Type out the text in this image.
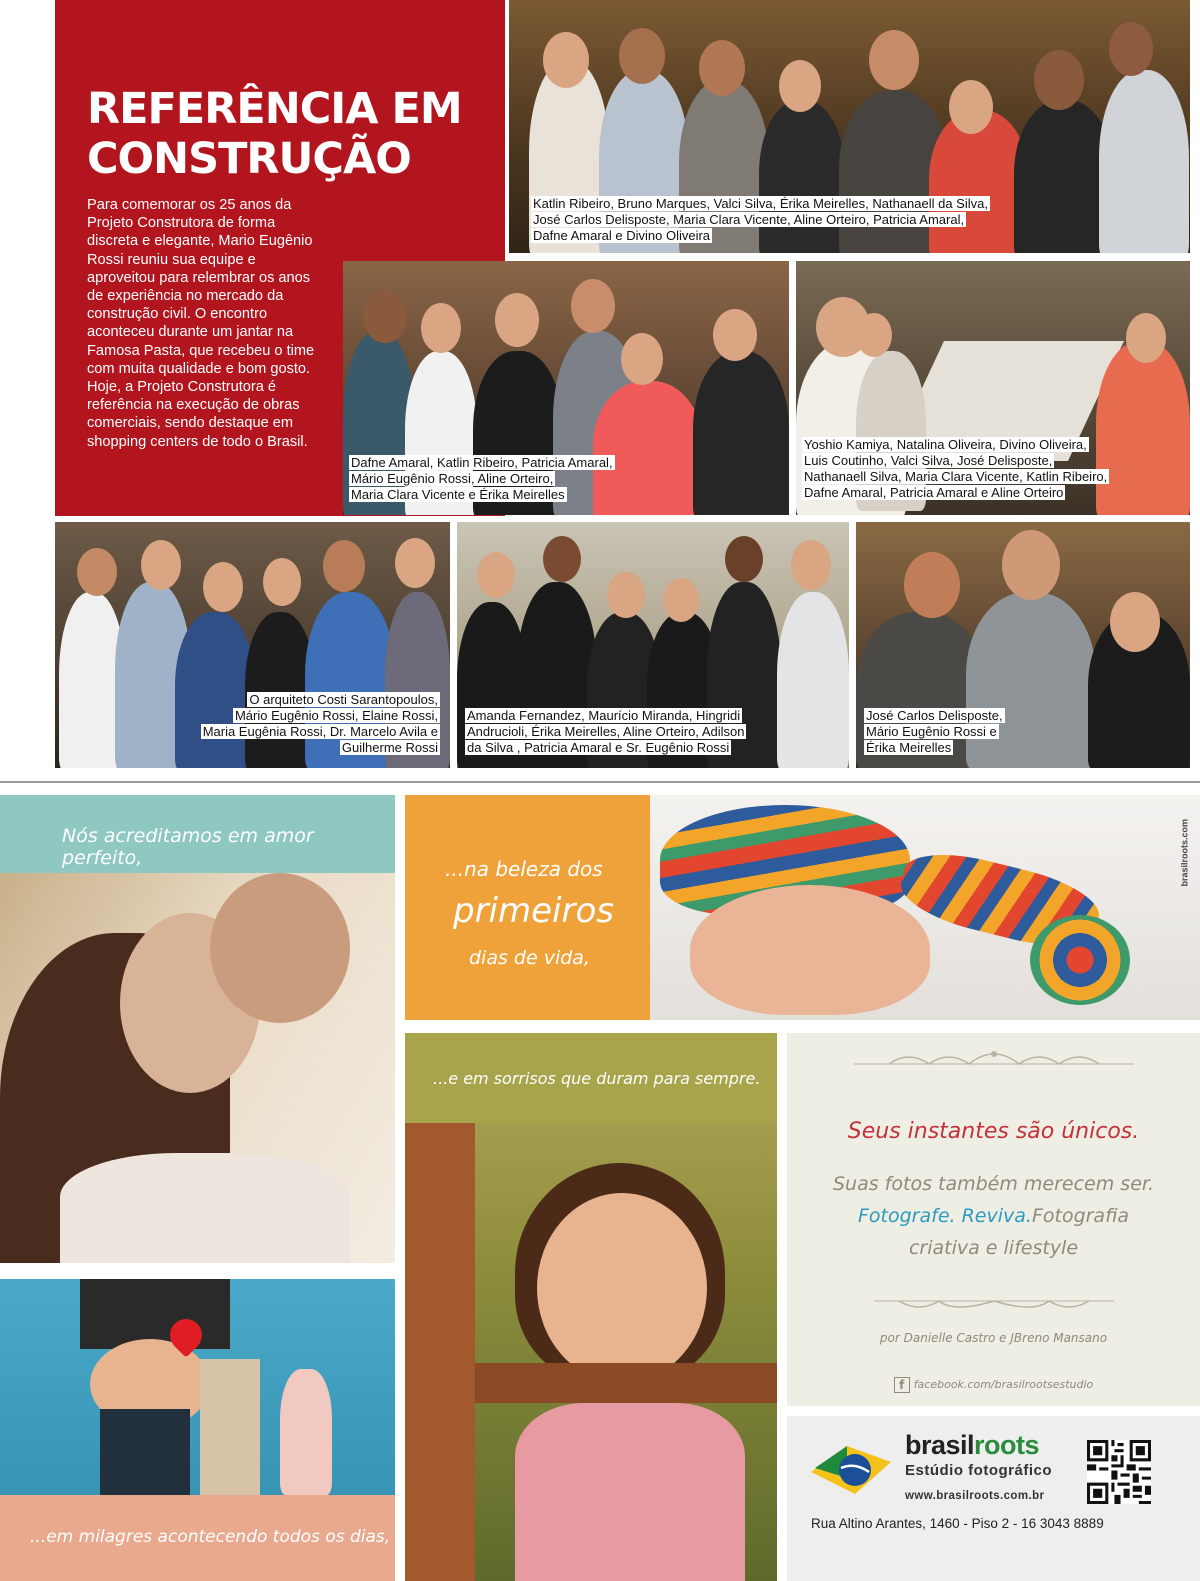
REFERÊNCIA EM
CONSTRUÇÃO

Para comemorar os 25 anos da Projeto Construtora de forma discreta e elegante, Mario Eugênio Rossi reuniu sua equipe e aproveitou para relembrar os anos de experiência no mercado da construção civil. O encontro aconteceu durante um jantar na Famosa Pasta, que recebeu o time com muita qualidade e bom gosto. Hoje, a Projeto Construtora é referência na execução de obras comerciais, sendo destaque em shopping centers de todo o Brasil.

Katlin Ribeiro, Bruno Marques, Valci Silva, Érika Meirelles, Nathanaell da Silva,
José Carlos Delisposte, Maria Clara Vicente, Aline Orteiro, Patricia Amaral,
Dafne Amaral e Divino Oliveira
Dafne Amaral, Katlin Ribeiro, Patricia Amaral,
Mário Eugênio Rossi, Aline Orteiro,
Maria Clara Vicente e Érika Meirelles
Yoshio Kamiya, Natalina Oliveira, Divino Oliveira,
Luis Coutinho, Valci Silva, José Delisposte,
Nathanaell Silva, Maria Clara Vicente, Katlin Ribeiro,
Dafne Amaral, Patricia Amaral e Aline Orteiro
O arquiteto Costi Sarantopoulos,
Mário Eugênio Rossi, Elaine Rossi,
Maria Eugênia Rossi, Dr. Marcelo Avila e
Guilherme Rossi
Amanda Fernandez, Maurício Miranda, Hingridi
Andrucioli, Érika Meirelles, Aline Orteiro, Adilson
da Silva , Patricia Amaral e Sr. Eugênio Rossi
José Carlos Delisposte,
Mário Eugênio Rossi e
Érika Meirelles
Nós acreditamos em amor perfeito,
...em milagres acontecendo todos os dias,
...na beleza dos
primeiros
dias de vida,
brasilroots.com
...e em sorrisos que duram para sempre.
Seus instantes são únicos.
Suas fotos também merecem ser.
Fotografe. Reviva.Fotografia
criativa e lifestyle
por Danielle Castro e JBreno Mansano
f facebook.com/brasilrootsestudio
brasilroots
Estúdio fotográfico
www.brasilroots.com.br
Rua Altino Arantes, 1460 - Piso 2 - 16 3043 8889
